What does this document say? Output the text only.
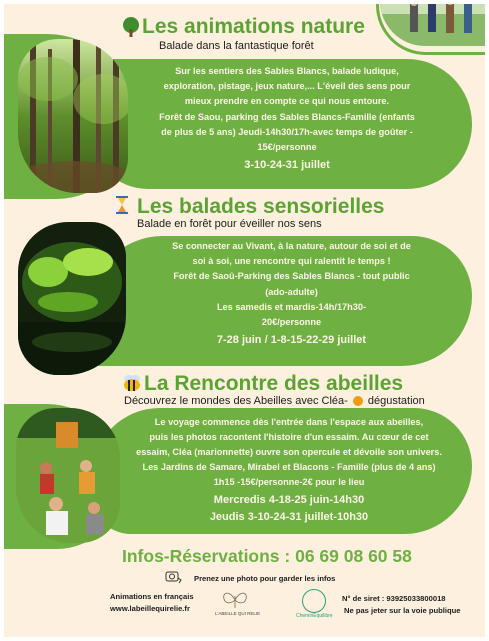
Les animations nature
Balade dans la fantastique forêt
Sur les sentiers des Sables Blancs, balade ludique,
exploration, pistage, jeux nature,... L'éveil des sens pour
mieux prendre en compte ce qui nous entoure.
Forêt de Saou, parking des Sables Blancs-Famille (enfants
de plus de 5 ans) Jeudi-14h30/17h-avec temps de goûter -
15€/personne
3-10-24-31 juillet
Les balades sensorielles
Balade en forêt pour éveiller nos sens
Se connecter au Vivant, à la nature, autour de soi et de
soi à soi, une rencontre qui ralentit le temps !
Forêt de Saoû-Parking des Sables Blancs - tout public
(ado-adulte)
Les samedis et mardis-14h/17h30-
20€/personne
7-28 juin / 1-8-15-22-29 juillet
La Rencontre des abeilles
Découvrez le mondes des Abeilles avec Cléa- dégustation
Le voyage commence dès l'entrée dans l'espace aux abeilles,
puis les photos racontent l'histoire d'un essaim. Au cœur de cet
essaim, Cléa (marionnette) ouvre son opercule et dévoile son univers.
Les Jardins de Samare, Mirabel et Blacons - Famille (plus de 4 ans)
1h15 -15€/personne-2€ pour le lieu
Mercredis 4-18-25 juin-14h30
Jeudis 3-10-24-31 juillet-10h30
Infos-Réservations : 06 69 08 60 58
Prenez une photo pour garder les infos
Animations en français
www.labeillequirelie.fr
L'ABEILLE QUI RELIE	CheminEquilibre
N° de siret : 93925033800018
Ne pas jeter sur la voie publique
